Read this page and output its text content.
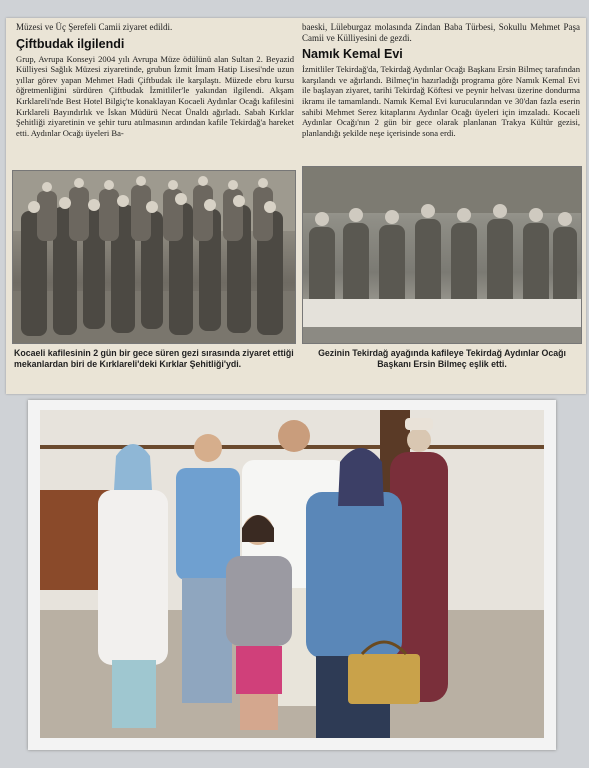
Müzesi ve Üç Şerefeli Camii ziyaret edildi.

Çiftbudak ilgilendi

Grup, Avrupa Konseyi 2004 yılı Avrupa Müze ödülünü alan Sultan 2. Beyazid Külliyesi Sağlık Müzesi ziyaretinde, grubun İzmit İmam Hatip Lisesi'nde uzun yıllar görev yapan Mehmet Hadi Çiftbudak ile karşılaştı. Müzede ebru kursu öğretmenliğini sürdüren Çiftbudak İzmitliler'le yakından ilgilendi. Akşam Kırklareli'nde Best Hotel Bilgiç'te konaklayan Kocaeli Aydınlar Ocağı kafilesini Kırklareli Bayındırlık ve İskan Müdürü Necat Ünaldı ağırladı. Sabah Kırklar Şehitliği ziyaretinin ve şehir turu atılmasının ardından kafile Tekirdağ'a hareket etti. Aydınlar Ocağı üyeleri Ba-

baeski, Lüleburgaz molasında Zindan Baba Türbesi, Sokullu Mehmet Paşa Camii ve Külliyesini de gezdi.

Namık Kemal Evi

İzmitliler Tekirdağ'da, Tekirdağ Aydınlar Ocağı Başkanı Ersin Bilmeç tarafından karşılandı ve ağırlandı. Bilmeç'in hazırladığı programa göre Namık Kemal Evi ile başlayan ziyaret, tarihi Tekirdağ Köftesi ve peynir helvası üzerine dondurma ikramı ile tamamlandı. Namık Kemal Evi kurucularından ve 30'dan fazla eserin sahibi Mehmet Serez kitaplarını Aydınlar Ocağı üyeleri için imzaladı. Kocaeli Aydınlar Ocağı'nın 2 gün bir gece olarak planlanan Trakya Kültür gezisi, planlandığı şekilde neşe içerisinde sona erdi.

Kocaeli kafilesinin 2 gün bir gece süren gezi sırasında ziyaret ettiği mekanlardan biri de Kırklareli'deki Kırklar Şehitliği'ydi.
Gezinin Tekirdağ ayağında kafileye Tekirdağ Aydınlar Ocağı Başkanı Ersin Bilmeç eşlik etti.
